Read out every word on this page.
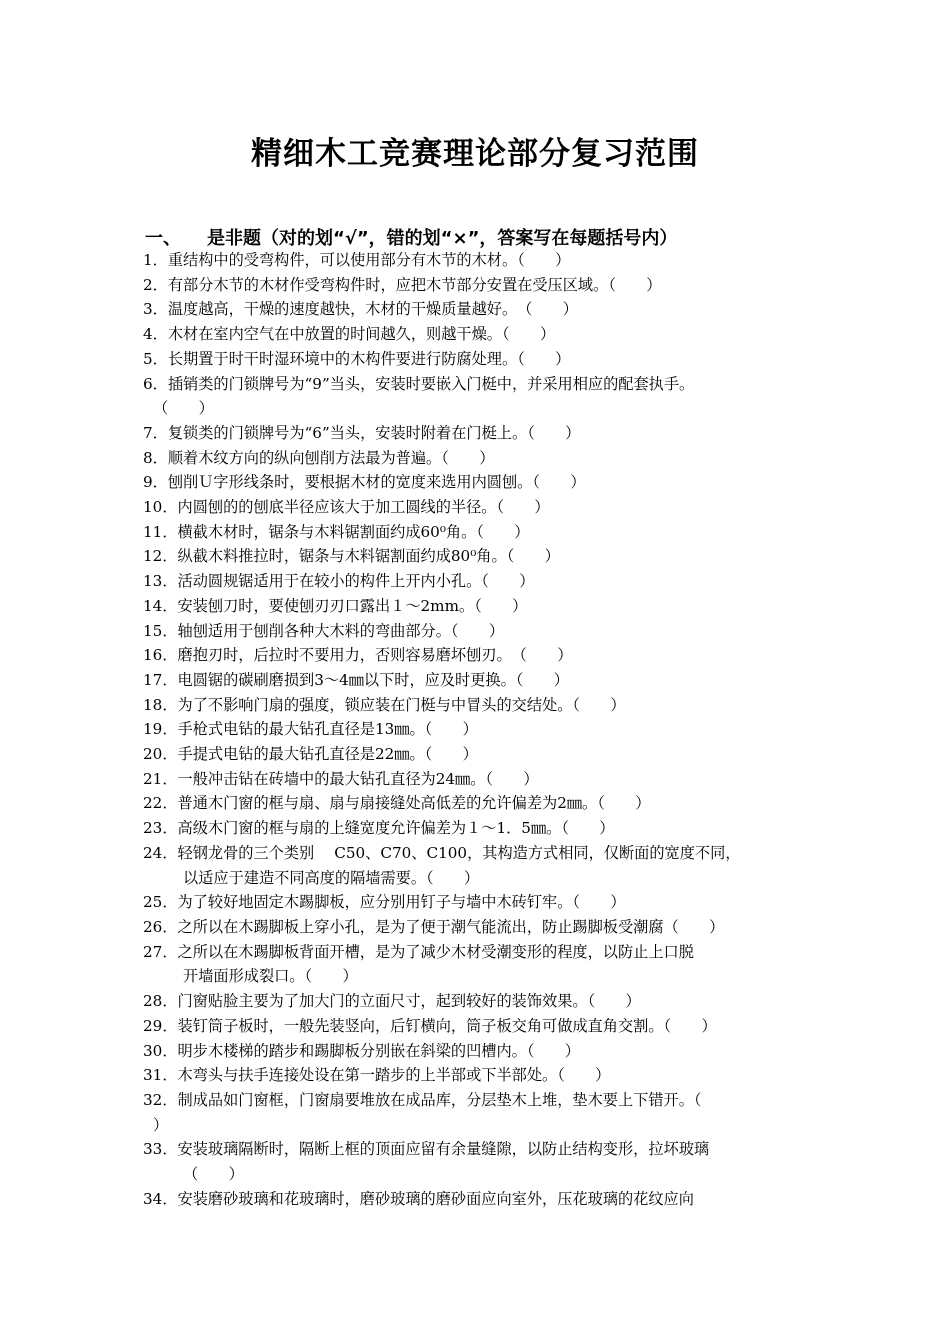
精细木工竞赛理论部分复习范围
一、 是非题（对的划“√”，错的划“×”，答案写在每题括号内）
1．重结构中的受弯构件，可以使用部分有木节的木材。（　　）
2．有部分木节的木材作受弯构件时，应把木节部分安置在受压区域。（　　）
3．温度越高，干燥的速度越快，木材的干燥质量越好。　（　　）
4．木材在室内空气在中放置的时间越久，则越干燥。（　　）
5．长期置于时干时湿环境中的木构件要进行防腐处理。（　　）
6．插销类的门锁牌号为“9”当头，安装时要嵌入门梃中，并采用相应的配套执手。
（　　）
7．复锁类的门锁牌号为“6”当头，安装时附着在门梃上。（　　）
8．顺着木纹方向的纵向刨削方法最为普遍。（　　）
9．刨削Ｕ字形线条时，要根据木材的宽度来选用内圆刨。（　　）
10．内圆刨的的刨底半径应该大于加工圆线的半径。（　　）
11．横截木材时，锯条与木料锯割面约成60⁰角。（　　）
12．纵截木料推拉时，锯条与木料锯割面约成80⁰角。（　　）
13．活动圆规锯适用于在较小的构件上开内小孔。（　　）
14．安装刨刀时，要使刨刃刃口露出１～2mm。（　　）
15．轴刨适用于刨削各种大木料的弯曲部分。（　　）
16．磨抱刃时，后拉时不要用力，否则容易磨坏刨刃。　（　　）
17．电圆锯的碳刷磨损到3～4㎜以下时，应及时更换。（　　）
18．为了不影响门扇的强度，锁应装在门梃与中冒头的交结处。（　　）
19．手枪式电钻的最大钻孔直径是13㎜。（　　）
20．手提式电钻的最大钻孔直径是22㎜。（　　）
21．一般冲击钻在砖墙中的最大钻孔直径为24㎜。（　　）
22．普通木门窗的框与扇、扇与扇接缝处高低差的允许偏差为2㎜。（　　）
23．高级木门窗的框与扇的上缝宽度允许偏差为１～1．5㎜。（　　）
24．轻钢龙骨的三个类别　 C50、C70、C100，其构造方式相同，仅断面的宽度不同，
以适应于建造不同高度的隔墙需要。（　　）
25．为了较好地固定木踢脚板，应分别用钉子与墙中木砖钉牢。（　　）
26．之所以在木踢脚板上穿小孔，是为了便于潮气能流出，防止踢脚板受潮腐（　　）
27．之所以在木踢脚板背面开槽，是为了减少木材受潮变形的程度，以防止上口脱
开墙面形成裂口。（　　）
28．门窗贴脸主要为了加大门的立面尺寸，起到较好的装饰效果。（　　）
29．装钉筒子板时，一般先装竖向，后钉横向，筒子板交角可做成直角交割。（　　）
30．明步木楼梯的踏步和踢脚板分别嵌在斜梁的凹槽内。（　　）
31．木弯头与扶手连接处设在第一踏步的上半部或下半部处。（　　）
32．制成品如门窗框，门窗扇要堆放在成品库，分层垫木上堆，垫木要上下错开。（
）
33．安装玻璃隔断时，隔断上框的顶面应留有余量缝隙，以防止结构变形，拉坏玻璃
（　　）
34．安装磨砂玻璃和花玻璃时，磨砂玻璃的磨砂面应向室外，压花玻璃的花纹应向
